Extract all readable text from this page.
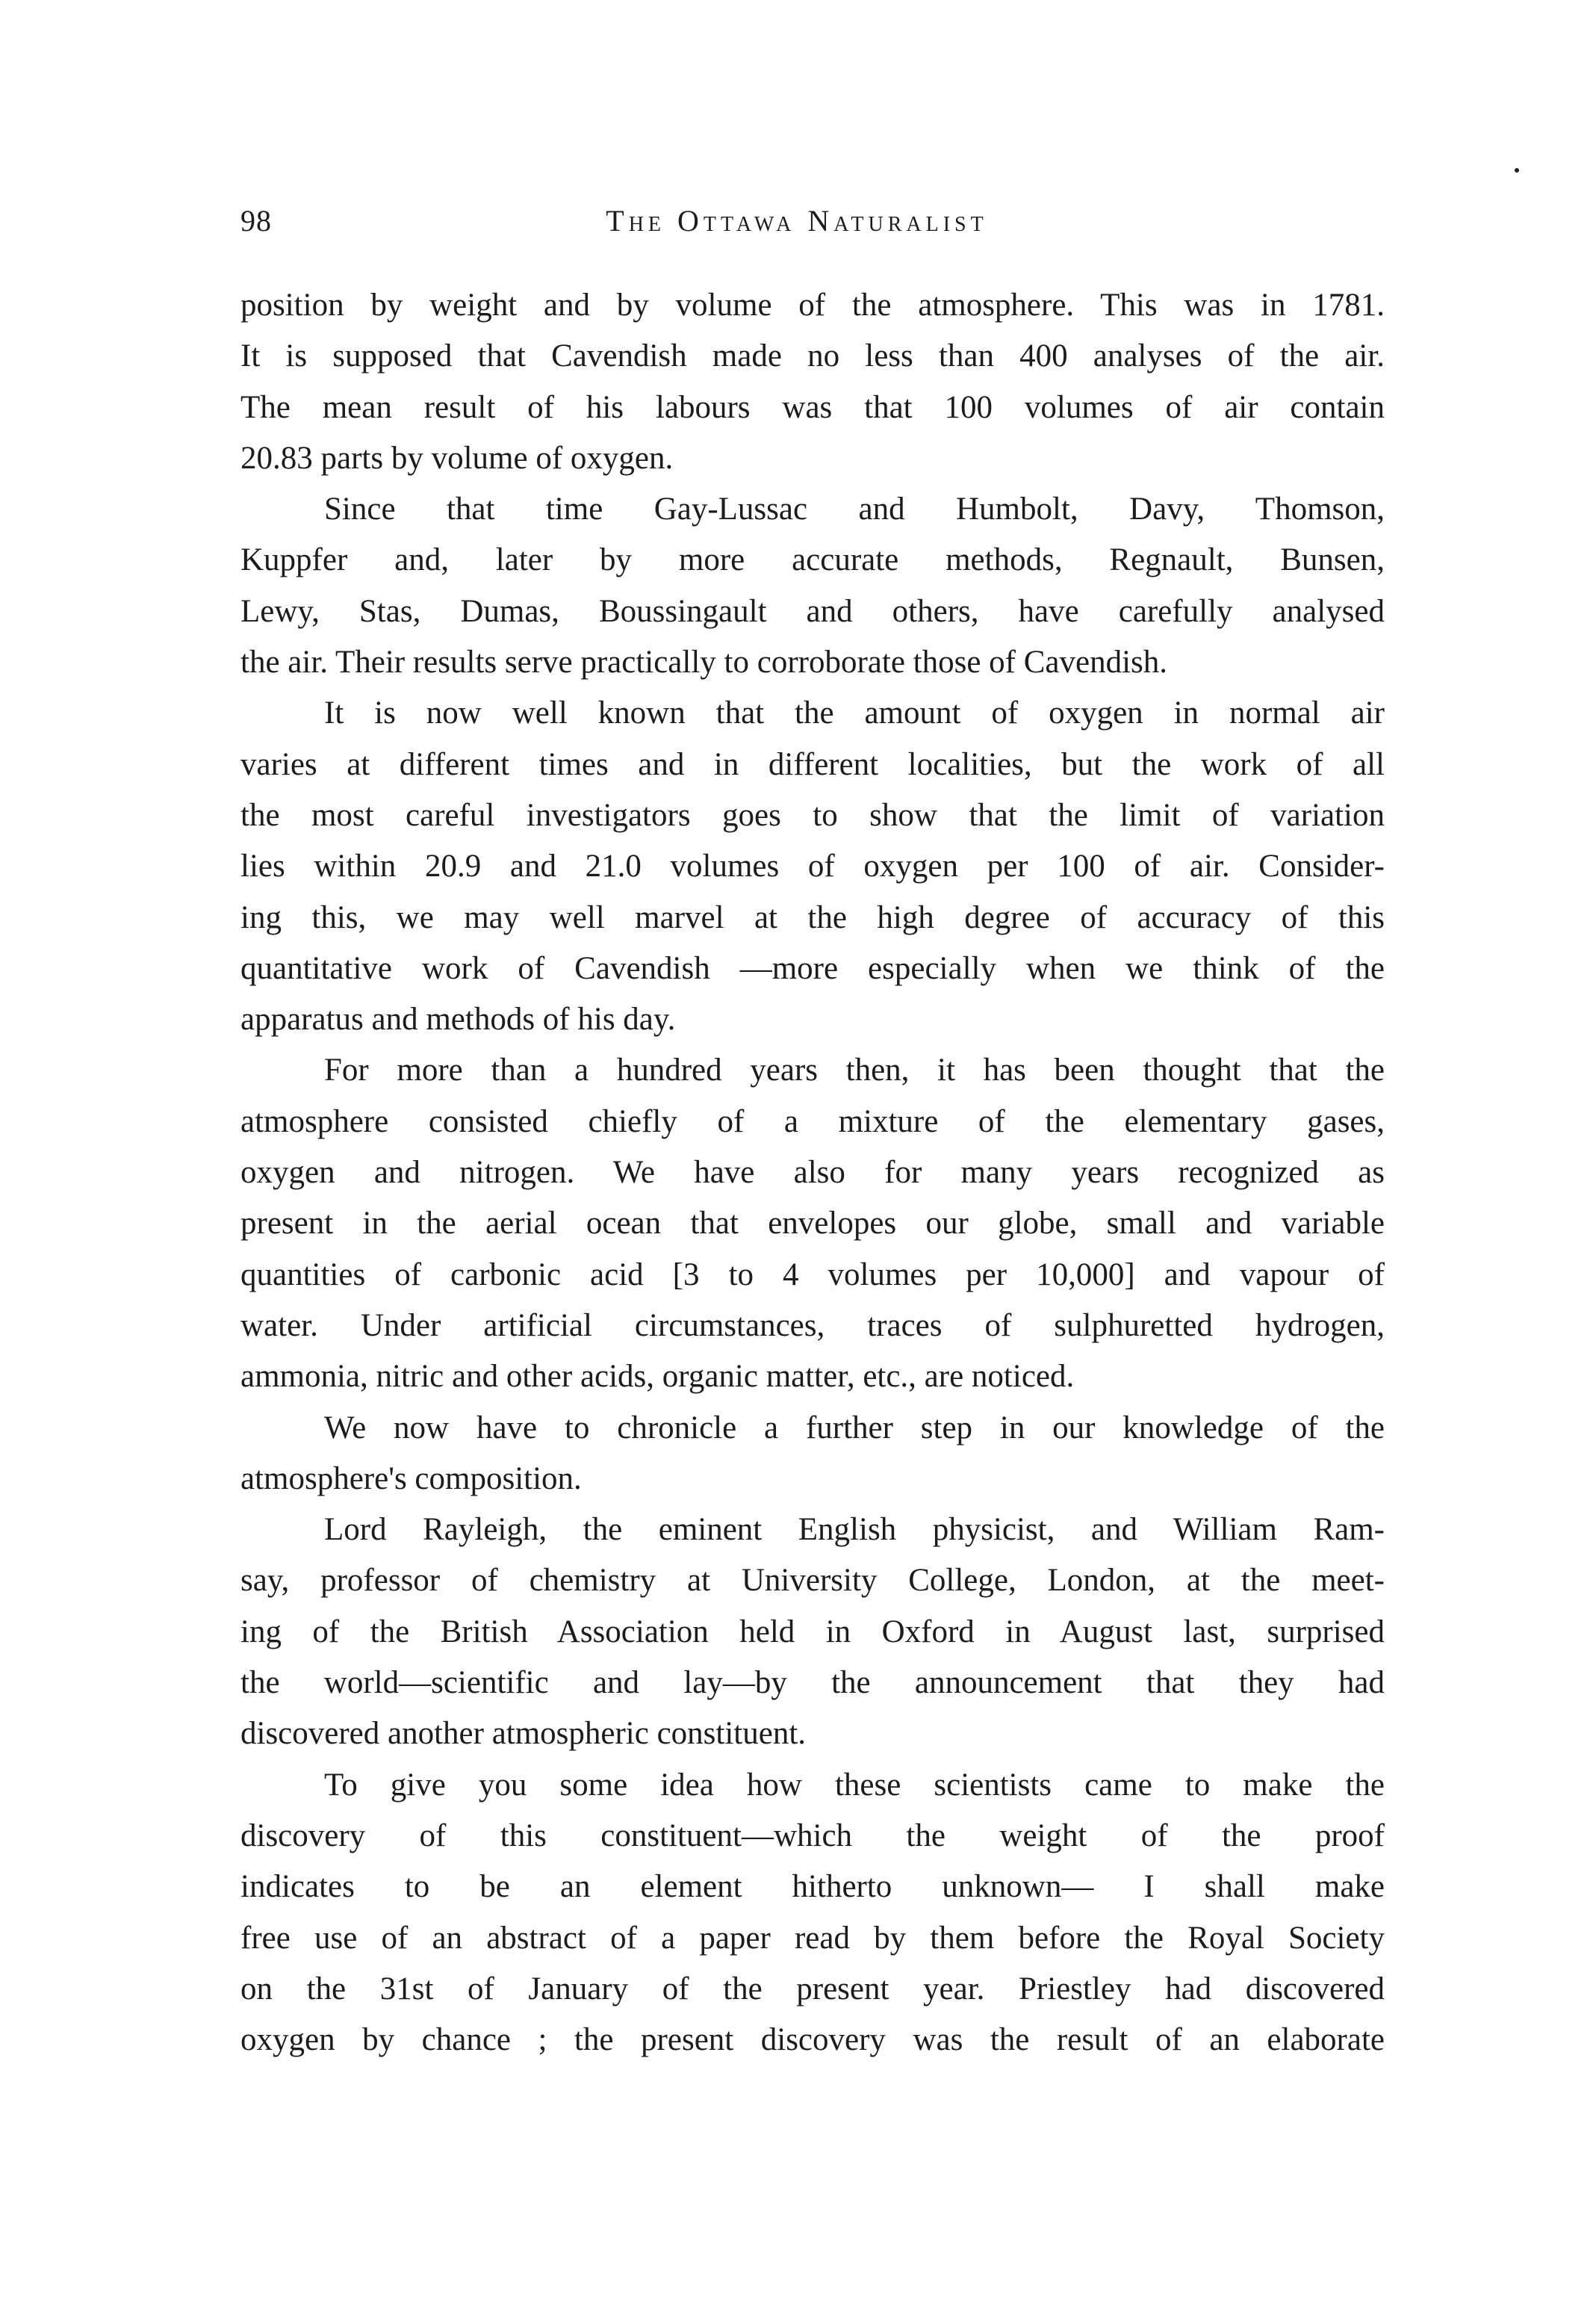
98	The Ottawa Naturalist
position by weight and by volume of the atmosphere. This was in 1781.
It is supposed that Cavendish made no less than 400 analyses of the air.
The mean result of his labours was that 100 volumes of air contain
20.83 parts by volume of oxygen.
Since that time Gay-Lussac and Humbolt, Davy, Thomson,
Kuppfer and, later by more accurate methods, Regnault, Bunsen,
Lewy, Stas, Dumas, Boussingault and others, have carefully analysed
the air. Their results serve practically to corroborate those of Cavendish.
It is now well known that the amount of oxygen in normal air
varies at different times and in different localities, but the work of all
the most careful investigators goes to show that the limit of variation
lies within 20.9 and 21.0 volumes of oxygen per 100 of air. Consider-
ing this, we may well marvel at the high degree of accuracy of this
quantitative work of Cavendish —more especially when we think of the
apparatus and methods of his day.
For more than a hundred years then, it has been thought that the
atmosphere consisted chiefly of a mixture of the elementary gases,
oxygen and nitrogen. We have also for many years recognized as
present in the aerial ocean that envelopes our globe, small and variable
quantities of carbonic acid [3 to 4 volumes per 10,000] and vapour of
water. Under artificial circumstances, traces of sulphuretted hydrogen,
ammonia, nitric and other acids, organic matter, etc., are noticed.
We now have to chronicle a further step in our knowledge of the
atmosphere's composition.
Lord Rayleigh, the eminent English physicist, and William Ram-
say, professor of chemistry at University College, London, at the meet-
ing of the British Association held in Oxford in August last, surprised
the world—scientific and lay—by the announcement that they had
discovered another atmospheric constituent.
To give you some idea how these scientists came to make the
discovery of this constituent—which the weight of the proof
indicates to be an element hitherto unknown— I shall make
free use of an abstract of a paper read by them before the Royal Society
on the 31st of January of the present year. Priestley had discovered
oxygen by chance ; the present discovery was the result of an elaborate
